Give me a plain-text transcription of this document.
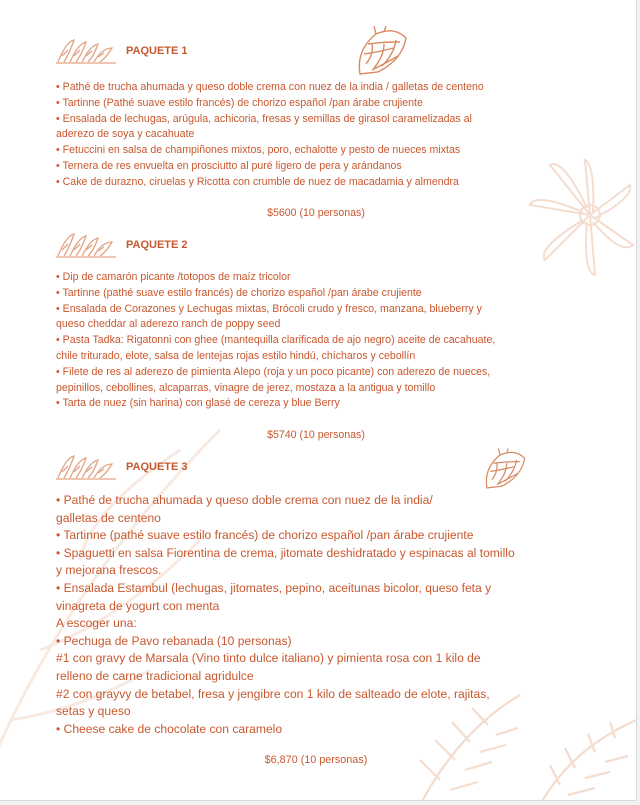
PAQUETE 1
• Pathé de trucha ahumada y queso doble crema con nuez de la india / galletas de centeno
• Tartinne (Pathé suave estilo francés) de chorizo español /pan árabe crujiente
• Ensalada de lechugas, arúgula, achicoria, fresas y semillas de girasol caramelizadas al
aderezo de soya y cacahuate
• Fetuccini en salsa de champiñones mixtos, poro, echalotte y pesto de nueces mixtas
• Ternera de res envuelta en prosciutto al puré ligero de pera y arándanos
• Cake de durazno, ciruelas y Ricotta con crumble de nuez de macadamia y almendra
$5600 (10 personas)
PAQUETE 2
• Dip de camarón picante /totopos de maíz tricolor
• Tartinne (pathé suave estilo francés) de chorizo español /pan árabe crujiente
• Ensalada de Corazones y Lechugas mixtas, Brócoli crudo y fresco, manzana, blueberry y
queso cheddar al aderezo ranch de poppy seed
• Pasta Tadka: Rigatonni con ghee (mantequilla clarificada de ajo negro) aceite de cacahuate,
chile triturado, elote, salsa de lentejas rojas estilo hindú, chícharos y cebollín
• Filete de res al aderezo de pimienta Alepo (roja y un poco picante) con aderezo de nueces,
pepinillos, cebollines, alcaparras, vinagre de jerez, mostaza a la antigua y tomillo
• Tarta de nuez (sin harina) con glasé de cereza y blue Berry
$5740 (10 personas)
PAQUETE 3
• Pathé de trucha ahumada y queso doble crema con nuez de la india/
galletas de centeno
• Tartinne (pathé suave estilo francés) de chorizo español /pan árabe crujiente
• Spaguetti en salsa Fiorentina de crema, jitomate deshidratado y espinacas al tomillo
y mejorana frescos.
• Ensalada Estambul (lechugas, jitomates, pepino, aceitunas bicolor, queso feta y
vinagreta de yogurt con menta
A escoger una:
• Pechuga de Pavo rebanada (10 personas)
#1 con gravy de Marsala (Vino tinto dulce italiano) y pimienta rosa con 1 kilo de
relleno de carne tradicional agridulce
#2 con grayvy de betabel, fresa y jengibre con 1 kilo de salteado de elote, rajitas,
setas y queso
• Cheese cake de chocolate con caramelo
$6,870 (10 personas)
